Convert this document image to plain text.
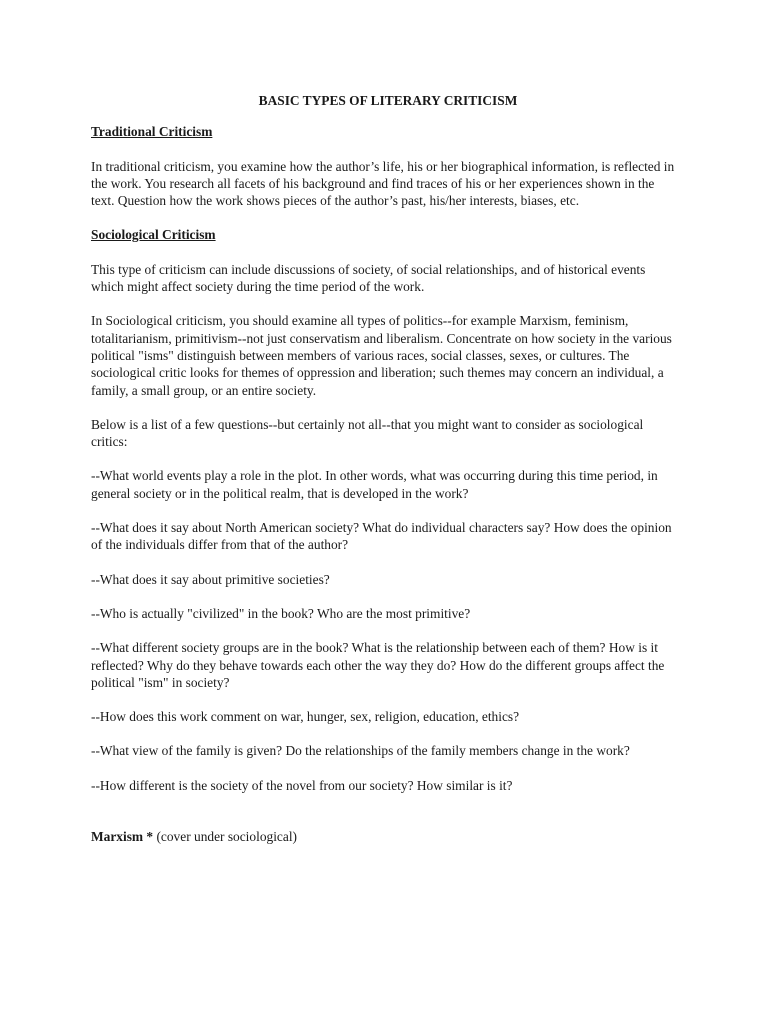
BASIC TYPES OF LITERARY CRITICISM
Traditional Criticism

In traditional criticism, you examine how the author’s life, his or her biographical information, is reflected in the work. You research all facets of his background and find traces of his or her experiences shown in the text. Question how the work shows pieces of the author’s past, his/her interests, biases, etc.

Sociological Criticism

This type of criticism can include discussions of society, of social relationships, and of historical events which might affect society during the time period of the work.

In Sociological criticism, you should examine all types of politics--for example Marxism, feminism, totalitarianism, primitivism--not just conservatism and liberalism. Concentrate on how society in the various political "isms" distinguish between members of various races, social classes, sexes, or cultures. The sociological critic looks for themes of oppression and liberation; such themes may concern an individual, a family, a small group, or an entire society.

Below is a list of a few questions--but certainly not all--that you might want to consider as sociological critics:

--What world events play a role in the plot. In other words, what was occurring during this time period, in general society or in the political realm, that is developed in the work?

--What does it say about North American society? What do individual characters say? How does the opinion of the individuals differ from that of the author?

--What does it say about primitive societies?

--Who is actually "civilized" in the book? Who are the most primitive?

--What different society groups are in the book? What is the relationship between each of them? How is it reflected? Why do they behave towards each other the way they do? How do the different groups affect the political "ism" in society?

--How does this work comment on war, hunger, sex, religion, education, ethics?

--What view of the family is given? Do the relationships of the family members change in the work?

--How different is the society of the novel from our society? How similar is it?

Marxism * (cover under sociological)
